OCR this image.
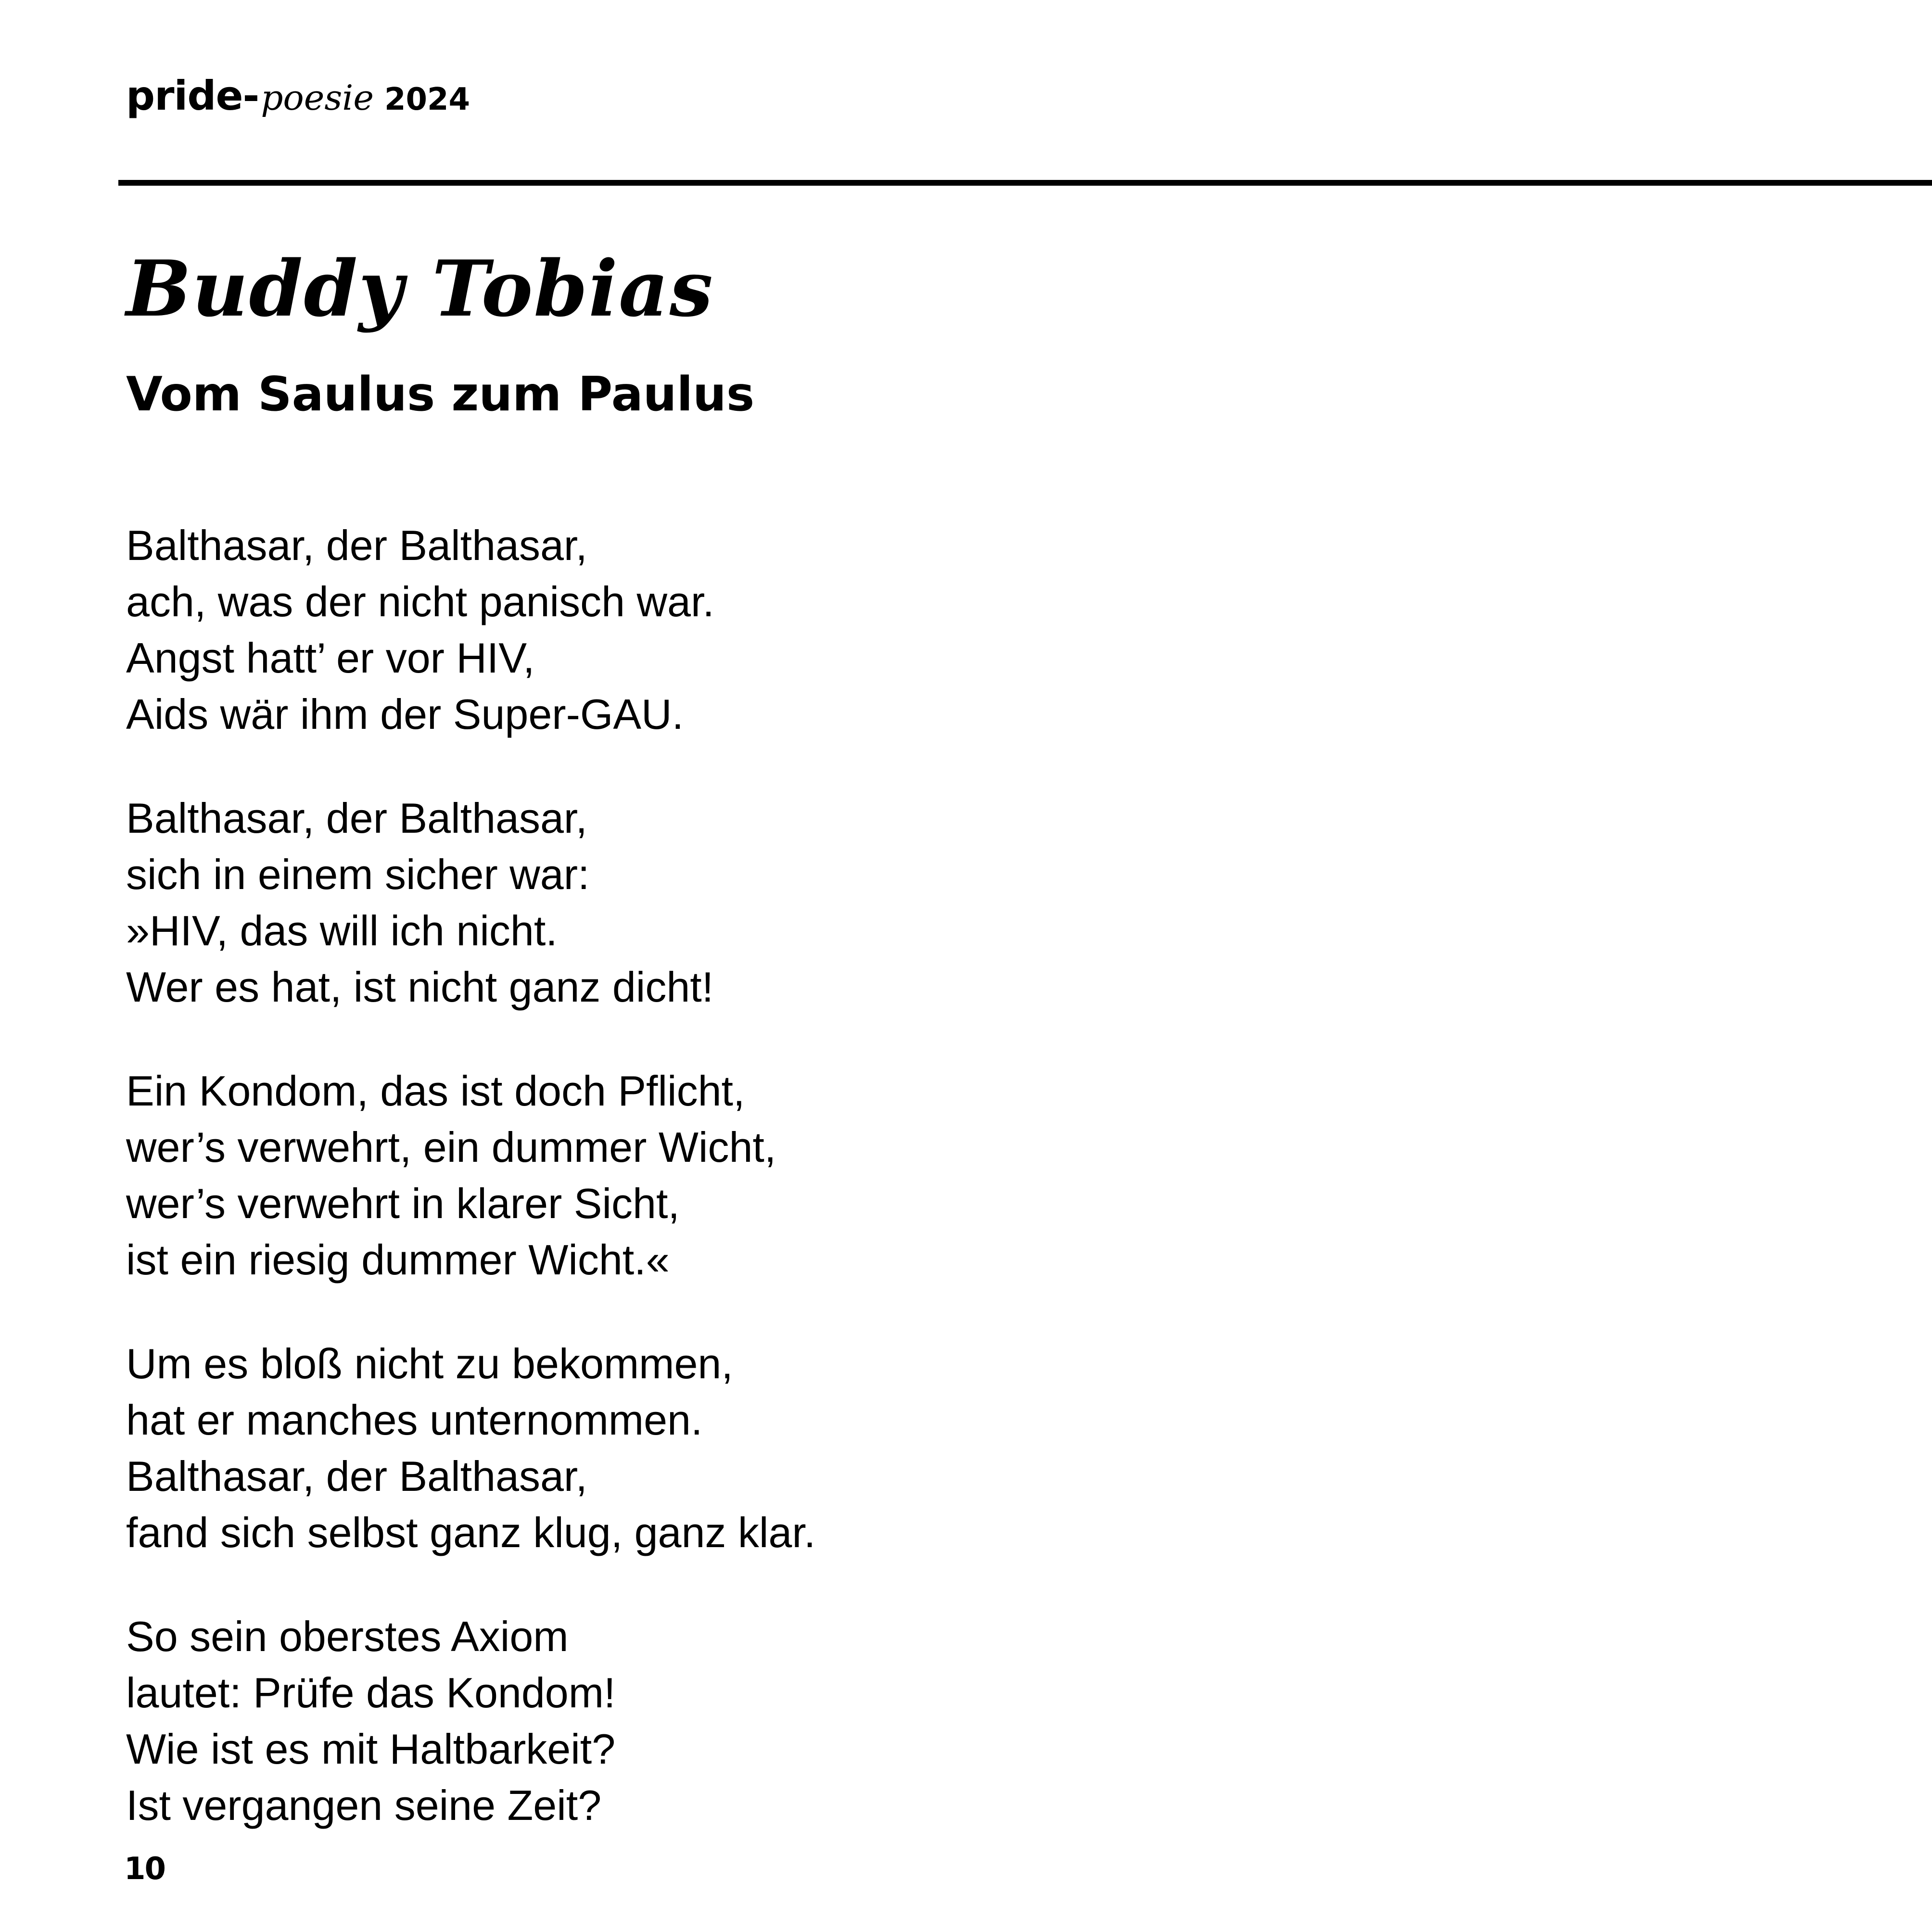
pride- poesie 2024
Buddy Tobias
Vom Saulus zum Paulus
Balthasar, der Balthasar,
ach, was der nicht panisch war.
Angst hatt’ er vor HIV,
Aids wär ihm der Super-GAU.
Balthasar, der Balthasar,
sich in einem sicher war:
»HIV, das will ich nicht.
Wer es hat, ist nicht ganz dicht!
Ein Kondom, das ist doch Pflicht,
wer’s verwehrt, ein dummer Wicht,
wer’s verwehrt in klarer Sicht,
ist ein riesig dummer Wicht.«
Um es bloß nicht zu bekommen,
hat er manches unternommen.
Balthasar, der Balthasar,
fand sich selbst ganz klug, ganz klar.
So sein oberstes Axiom
lautet: Prüfe das Kondom!
Wie ist es mit Haltbarkeit?
Ist vergangen seine Zeit?
10
